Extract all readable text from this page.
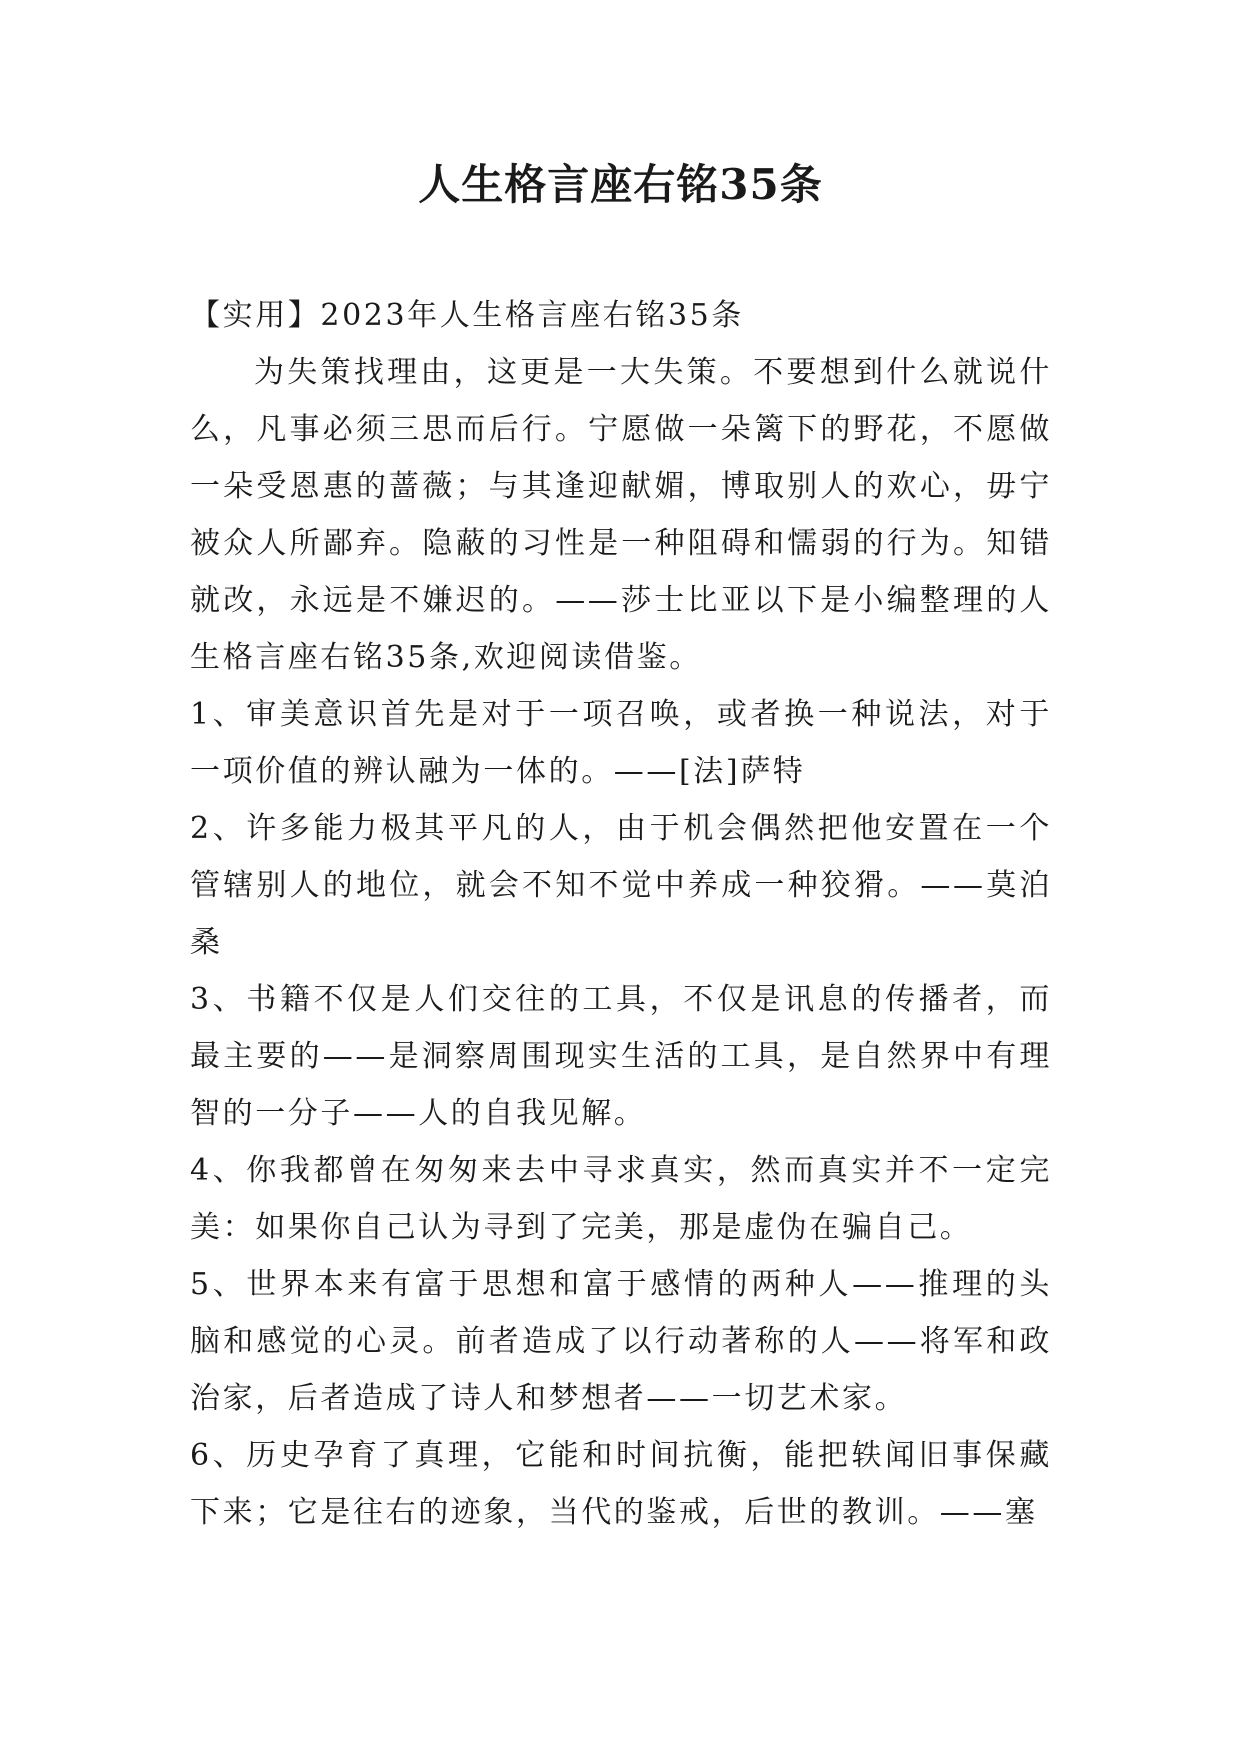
人生格言座右铭35条

【实用】2023年人生格言座右铭35条

为失策找理由，这更是一大失策。不要想到什么就说什么，凡事必须三思而后行。宁愿做一朵篱下的野花，不愿做一朵受恩惠的蔷薇；与其逢迎献媚，博取别人的欢心，毋宁被众人所鄙弃。隐蔽的习性是一种阻碍和懦弱的行为。知错就改，永远是不嫌迟的。——莎士比亚以下是小编整理的人生格言座右铭35条,欢迎阅读借鉴。

1、审美意识首先是对于一项召唤，或者换一种说法，对于一项价值的辨认融为一体的。——[法]萨特

2、许多能力极其平凡的人，由于机会偶然把他安置在一个管辖别人的地位，就会不知不觉中养成一种狡猾。——莫泊桑

3、书籍不仅是人们交往的工具，不仅是讯息的传播者，而最主要的——是洞察周围现实生活的工具，是自然界中有理智的一分子——人的自我见解。

4、你我都曾在匆匆来去中寻求真实，然而真实并不一定完美：如果你自己认为寻到了完美，那是虚伪在骗自己。

5、世界本来有富于思想和富于感情的两种人——推理的头脑和感觉的心灵。前者造成了以行动著称的人——将军和政治家，后者造成了诗人和梦想者——一切艺术家。

6、历史孕育了真理，它能和时间抗衡，能把轶闻旧事保藏下来；它是往右的迹象，当代的鉴戒，后世的教训。——塞
